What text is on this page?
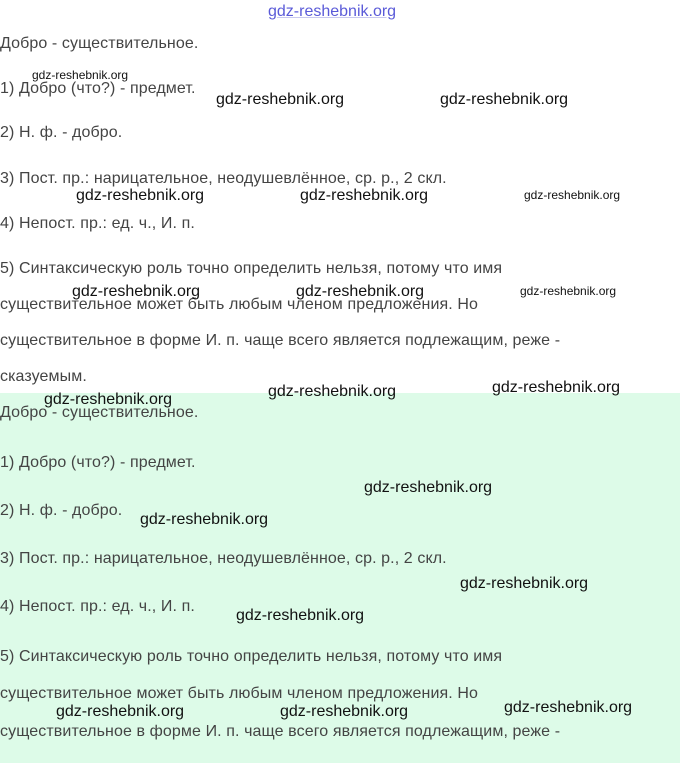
gdz-reshebnik.org
Добро - существительное.
1) Добро (что?) - предмет.
2) Н. ф. - добро.
3) Пост. пр.: нарицательное, неодушевлённое, ср. р., 2 скл.
4) Непост. пр.: ед. ч., И. п.
5) Синтаксическую роль точно определить нельзя, потому что имя
существительное может быть любым членом предложения. Но
существительное в форме И. п. чаще всего является подлежащим, реже -
сказуемым.
Добро - существительное.
1) Добро (что?) - предмет.
2) Н. ф. - добро.
3) Пост. пр.: нарицательное, неодушевлённое, ср. р., 2 скл.
4) Непост. пр.: ед. ч., И. п.
5) Синтаксическую роль точно определить нельзя, потому что имя
существительное может быть любым членом предложения. Но
существительное в форме И. п. чаще всего является подлежащим, реже -
gdz-reshebnik.org
gdz-reshebnik.org	gdz-reshebnik.org
gdz-reshebnik.org	gdz-reshebnik.org	gdz-reshebnik.org
gdz-reshebnik.org	gdz-reshebnik.org	gdz-reshebnik.org
gdz-reshebnik.org	gdz-reshebnik.org
gdz-reshebnik.org
gdz-reshebnik.org
gdz-reshebnik.org
gdz-reshebnik.org
gdz-reshebnik.org
gdz-reshebnik.org
gdz-reshebnik.org	gdz-reshebnik.org
